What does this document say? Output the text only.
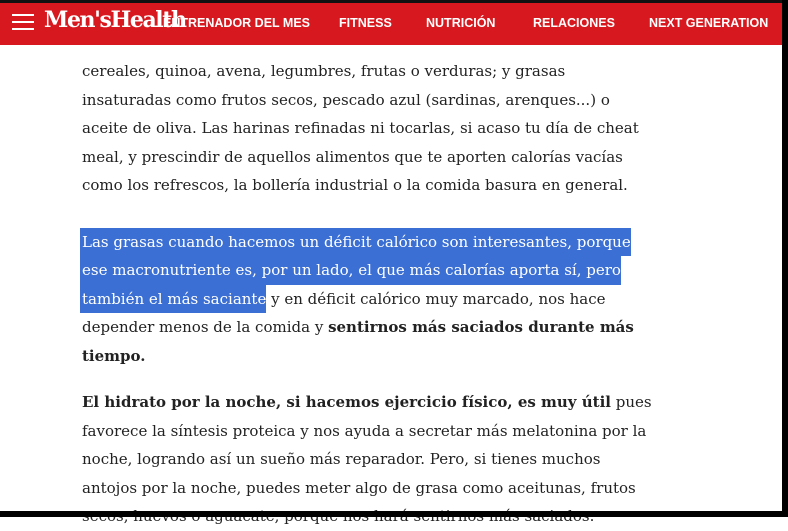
Men'sHealth
ENTRENADOR DEL MES FITNESS	NUTRICIÓN	RELACIONES	NEXT GENERATION

cereales, quinoa, avena, legumbres, frutas o verduras; y grasas
insaturadas como frutos secos, pescado azul (sardinas, arenques...) o
aceite de oliva. Las harinas refinadas ni tocarlas, si acaso tu día de cheat
meal, y prescindir de aquellos alimentos que te aporten calorías vacías
como los refrescos, la bollería industrial o la comida basura en general.

Las grasas cuando hacemos un déficit calórico son interesantes, porque
ese macronutriente es, por un lado, el que más calorías aporta sí, pero
también el más saciante y en déficit calórico muy marcado, nos hace
depender menos de la comida y sentirnos más saciados durante más
tiempo.

El hidrato por la noche, si hacemos ejercicio físico, es muy útil pues
favorece la síntesis proteica y nos ayuda a secretar más melatonina por la
noche, logrando así un sueño más reparador. Pero, si tienes muchos
antojos por la noche, puedes meter algo de grasa como aceitunas, frutos
